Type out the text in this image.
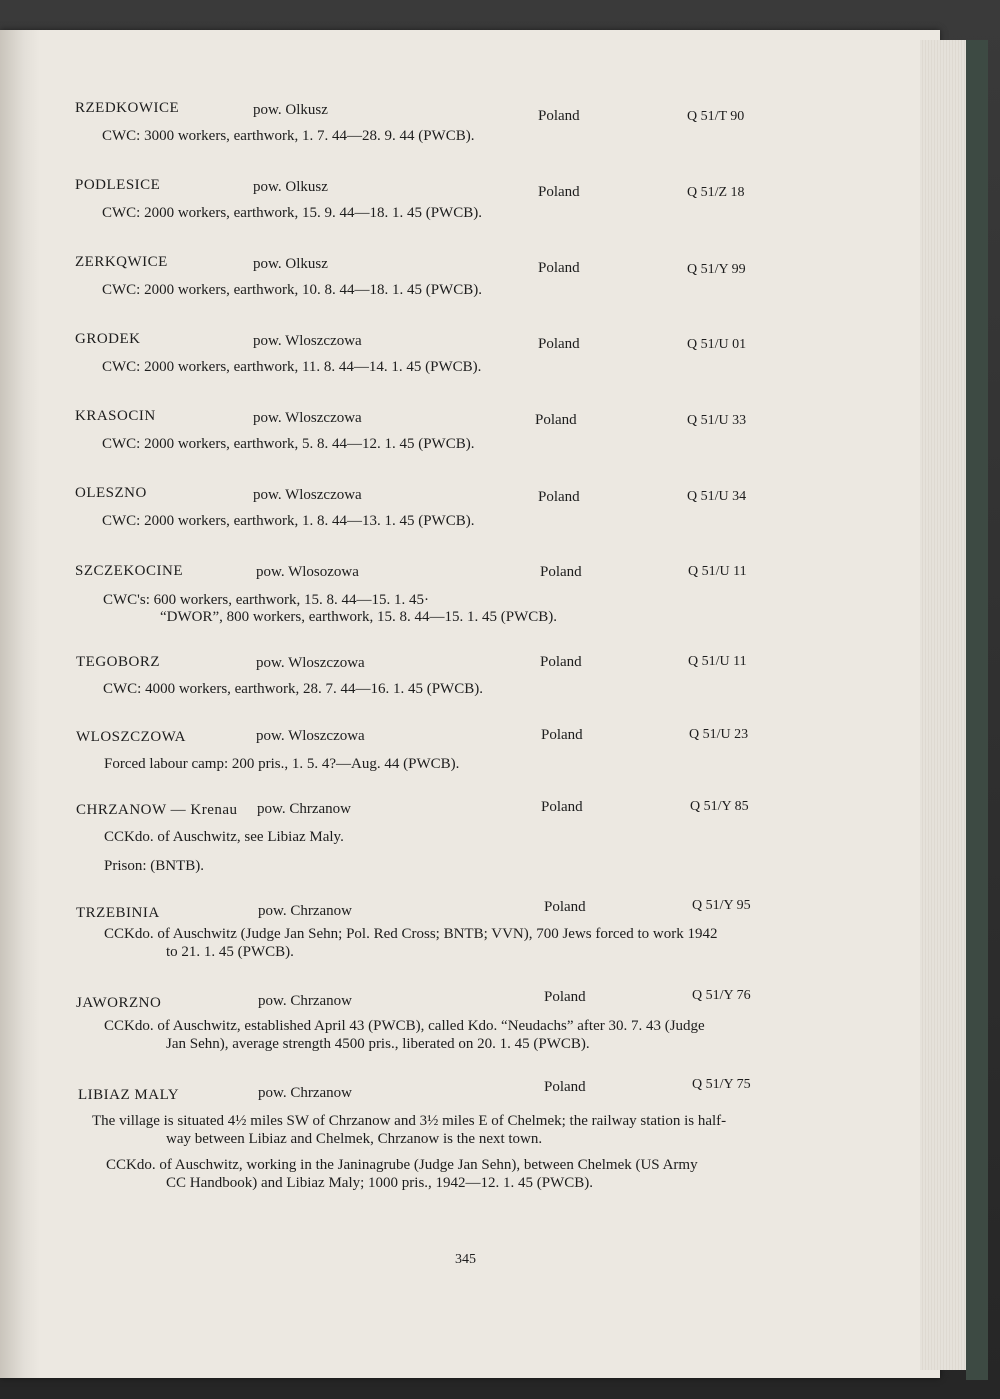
RZEDKOWICE	pow. Olkusz	Poland	Q 51/T 90
CWC: 3000 workers, earthwork, 1. 7. 44—28. 9. 44 (PWCB).
PODLESICE	pow. Olkusz	Poland	Q 51/Z 18
CWC: 2000 workers, earthwork, 15. 9. 44—18. 1. 45 (PWCB).
ZERKQWICE	pow. Olkusz	Poland	Q 51/Y 99
CWC: 2000 workers, earthwork, 10. 8. 44—18. 1. 45 (PWCB).
GRODEK	pow. Wloszczowa	Poland	Q 51/U 01
CWC: 2000 workers, earthwork, 11. 8. 44—14. 1. 45 (PWCB).
KRASOCIN	pow. Wloszczowa	Poland	Q 51/U 33
CWC: 2000 workers, earthwork, 5. 8. 44—12. 1. 45 (PWCB).
OLESZNO	pow. Wloszczowa	Poland	Q 51/U 34
CWC: 2000 workers, earthwork, 1. 8. 44—13. 1. 45 (PWCB).
SZCZEKOCINE	pow. Wlosozowa	Poland	Q 51/U 11
CWC's: 600 workers, earthwork, 15. 8. 44—15. 1. 45·
“DWOR”, 800 workers, earthwork, 15. 8. 44—15. 1. 45 (PWCB).
TEGOBORZ	pow. Wloszczowa	Poland	Q 51/U 11
CWC: 4000 workers, earthwork, 28. 7. 44—16. 1. 45 (PWCB).
WLOSZCZOWA	pow. Wloszczowa	Poland	Q 51/U 23
Forced labour camp: 200 pris., 1. 5. 4?—Aug. 44 (PWCB).
CHRZANOW — Krenau pow. Chrzanow	Poland	Q 51/Y 85
CCKdo. of Auschwitz, see Libiaz Maly.
Prison: (BNTB).
TRZEBINIA	pow. Chrzanow	Poland	Q 51/Y 95
CCKdo. of Auschwitz (Judge Jan Sehn; Pol. Red Cross; BNTB; VVN), 700 Jews forced to work 1942
to 21. 1. 45 (PWCB).
JAWORZNO	pow. Chrzanow	Poland	Q 51/Y 76
CCKdo. of Auschwitz, established April 43 (PWCB), called Kdo. “Neudachs” after 30. 7. 43 (Judge
Jan Sehn), average strength 4500 pris., liberated on 20. 1. 45 (PWCB).
LIBIAZ MALY	pow. Chrzanow	Poland	Q 51/Y 75
The village is situated 4½ miles SW of Chrzanow and 3½ miles E of Chelmek; the railway station is half-
way between Libiaz and Chelmek, Chrzanow is the next town.
CCKdo. of Auschwitz, working in the Janinagrube (Judge Jan Sehn), between Chelmek (US Army
CC Handbook) and Libiaz Maly; 1000 pris., 1942—12. 1. 45 (PWCB).
345
